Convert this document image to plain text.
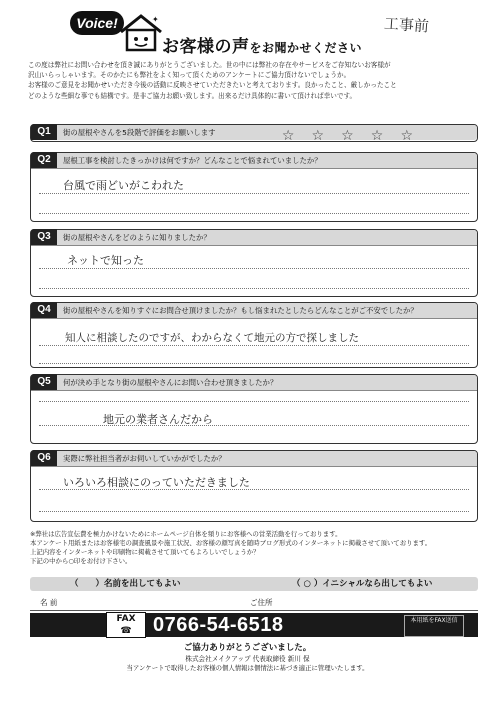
Voice!	✦
お客様の声をお聞かせください
工事前

この度は弊社にお問い合わせを頂き誠にありがとうございました。世の中には弊社の存在やサービスをご存知ないお客様が

沢山いらっしゃいます。そのかたにも弊社をよく知って頂くためのアンケートにご協力頂けないでしょうか。

お客様のご意見をお聞かせいただき今後の活動に反映させていただきたいと考えております。良かったこと、厳しかったこと

どのような些細な事でも結構です。是非ご協力お願い致します。出来るだけ具体的に書いて頂ければ幸いです。

Q1	街の屋根やさんを5段階で評価をお願いします	☆ ☆ ☆ ☆ ☆
Q2	屋根工事を検討したきっかけは何ですか？どんなことで悩まれていましたか？
台風で雨どいがこわれた
Q3	街の屋根やさんをどのように知りましたか？
ネットで知った
Q4	街の屋根やさんを知りすぐにお問合せ頂けましたか？もし悩まれたとしたらどんなことがご不安でしたか？
知人に相談したのですが、わからなくて地元の方で探しました
Q5	何が決め手となり街の屋根やさんにお問い合わせ頂きましたか？
地元の業者さんだから
Q6	実際に弊社担当者がお伺いしていかがでしたか？
いろいろ相談にのっていただきました

※弊社は広告宣伝費を極力かけないためにホームページ自体を頻りにお客様への営業活動を行っております。

本アンケート用紙またはお客様宅の調査風景や施工状況、お客様の顔写真を随時ブログ形式のインターネットに掲載させて頂いております。

上記内容をインターネットや印刷物に掲載させて頂いてもよろしいでしょうか？

下記の中から○印をお付け下さい。

（　　）名前を出してもよい	（ ○ ）イニシャルなら出してもよい
名 前	ご住所
FAX
☎	0766-54-6518	本用紙をFAX送信
ご協力ありがとうございました。
株式会社メイクアップ 代表取締役 新川 保
当アンケートで取得したお客様の個人情報は個情法に基づき適正に管理いたします。
